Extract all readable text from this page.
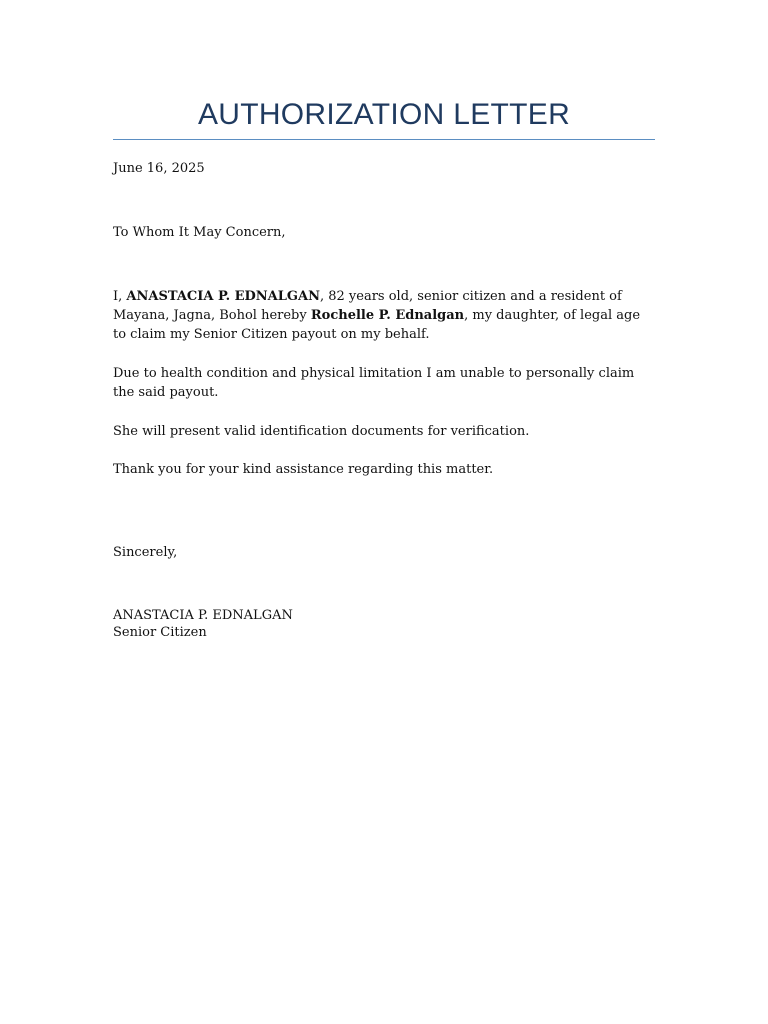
AUTHORIZATION LETTER

June 16, 2025

To Whom It May Concern,

I, ANASTACIA P. EDNALGAN, 82 years old, senior citizen and a resident of Mayana, Jagna, Bohol hereby Rochelle P. Ednalgan, my daughter, of legal age to claim my Senior Citizen payout on my behalf.

Due to health condition and physical limitation I am unable to personally claim the said payout.

She will present valid identification documents for verification.

Thank you for your kind assistance regarding this matter.

Sincerely,

ANASTACIA P. EDNALGAN

Senior Citizen
